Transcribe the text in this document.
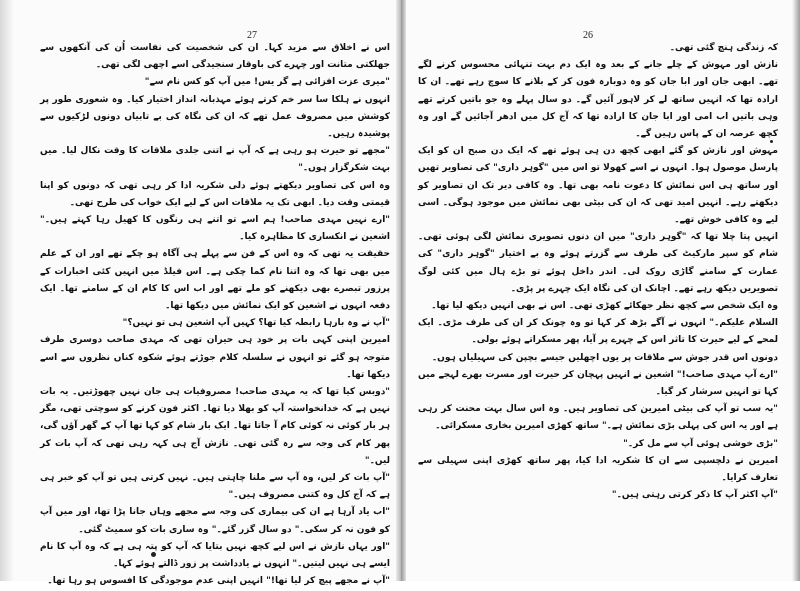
27

اس نے اخلاق سے مزید کہا۔ ان کی شخصیت کی نفاست اُن کی آنکھوں سے جھلکتی متانت اور چہرے کی باوقار سنجیدگی اسے اچھی لگی تھی۔

"میری عزت افزائی ہے گر یس! میں آپ کو کس نام سے"

انہوں نے ہلکا سا سر خم کرتے ہوئے مہذبانہ انداز اختیار کیا۔ وہ شعوری طور پر کوشش میں مصروف عمل تھے کہ ان کی نگاہ کی بے تابیاں دونوں لڑکیوں سے پوشیدہ رہیں۔

"مجھے تو حیرت ہو رہی ہے کہ آپ نے اتنی جلدی ملاقات کا وقت نکال لیا۔ میں بہت شکرگزار ہوں۔"

وہ اس کی تصاویر دیکھتے ہوئے دلی شکریہ ادا کر رہی تھی کہ دونوں کو اپنا قیمتی وقت دیا۔ ابھی تک یہ ملاقات اس کے لیے ایک خواب کی طرح تھی۔

"ارے نہیں مہدی صاحب! ہم اسے تو اتنے ہی رنگوں کا کھیل رہا کہتے ہیں۔" اشعین نے انکساری کا مظاہرہ کیا۔

حقیقت یہ تھی کہ وہ اس کے فن سے پہلے ہی آگاہ ہو چکے تھے اور ان کے علم میں بھی تھا کہ وہ اتنا نام کما چکی ہے۔ اس فیلڈ میں انہیں کئی اخبارات کے پرزور تبصرے بھی دیکھنے کو ملے تھے اور اب اس کا کام ان کے سامنے تھا۔ ایک دفعہ انہوں نے اشعین کو ایک نمائش میں دیکھا تھا۔

"آپ نے وہ بارہا رابطہ کیا تھا؟ کہیں آپ اشعین ہی تو نہیں؟"

امیرین اپنی کہی بات پر خود ہی حیران تھی کہ مہدی صاحب دوسری طرف متوجہ ہو گئے تو انہوں نے سلسلہ کلام جوڑتے ہوئے شکوہ کناں نظروں سے اسے دیکھا تھا۔

"دوبس کیا تھا کہ یہ مہدی صاحب! مصروفیات ہی جان نہیں چھوڑتیں۔ یہ بات نہیں ہے کہ خدانخواستہ آپ کو بھلا دیا تھا۔ اکثر فون کرنے کو سوچتی تھی، مگر ہر بار کوئی نہ کوئی کام آ جاتا تھا۔ ایک بار شام کو کہا تھا آپ کے گھر آؤں گی، پھر کام کی وجہ سے رہ گئی تھی۔ نازش آج ہی کہہ رہی تھی کہ آپ بات کر لیں۔"

"آپ بات کر لیں، وہ آپ سے ملنا چاہتی ہیں۔ نہیں کرتی ہیں تو آپ کو خبر ہی ہے کہ آج کل وہ کتنی مصروف ہیں۔"

"اب یاد آرہا ہے ان کی بیماری کی وجہ سے مجھے وہاں جانا پڑا تھا، اور میں آپ کو فون نہ کر سکی۔" دو سال گزر گئے۔" وہ ساری بات کو سمیٹ گئی۔

"اور یہاں نازش نے اس لیے کچھ نہیں بتایا کہ آپ کو پتہ ہی ہے کہ وہ آپ کا نام ایسے ہی نہیں لیتیں۔" انہوں نے یادداشت پر زور ڈالتے ہوئے کہا۔

"آپ نے مجھے پیچ کر لیا تھا!" انہیں اپنی عدم موجودگی کا افسوس ہو رہا تھا۔

26

کہ زندگی ہنچ گئی تھی۔

نازش اور مہوش کے چلے جانے کے بعد وہ ایک دم بہت تنہائی محسوس کرنے لگے تھے۔ ابھی جان اور ابا جان کو وہ دوبارہ فون کر کے بلانے کا سوچ رہے تھے۔ ان کا ارادہ تھا کہ انہیں ساتھ لے کر لاہور آئیں گے۔ دو سال پہلے وہ جو باتیں کرتے تھے وہی باتیں اب امی اور ابا جان کا ارادہ تھا کہ آج کل میں ادھر آجائیں گے اور وہ کچھ عرصہ ان کے پاس رہیں گے۔

مہوش اور نازش کو گئے ابھی کچھ دن ہی ہوئے تھے کہ ایک دن صبح ان کو ایک پارسل موصول ہوا۔ انہوں نے اسے کھولا تو اس میں "گوہر داری" کی تصاویر تھیں اور ساتھ ہی اس نمائش کا دعوت نامہ بھی تھا۔ وہ کافی دیر تک ان تصاویر کو دیکھتے رہے۔ انہیں امید تھی کہ ان کی بیٹی بھی نمائش میں موجود ہوگی۔ اسی لیے وہ کافی خوش تھے۔

انہیں پتا چلا تھا کہ "گوہر داری" میں ان دنوں تصویری نمائش لگی ہوئی تھی۔ شام کو سپر مارکیٹ کی طرف سے گزرتے ہوئے وہ بے اختیار "گوہر داری" کی عمارت کے سامنے گاڑی روک لی۔ اندر داخل ہوئے تو بڑے ہال میں کئی لوگ تصویریں دیکھ رہے تھے۔ اچانک ان کی نگاہ ایک چہرے پر پڑی۔

وہ ایک شخص سے کچھ نظر جھکائے کھڑی تھی۔ اس نے بھی انہیں دیکھ لیا تھا۔

السلام علیکم۔" انہوں نے آگے بڑھ کر کہا تو وہ چونک کر ان کی طرف مڑی۔ ایک لمحے کے لیے حیرت کا تاثر اس کے چہرے پر آیا، پھر مسکراتے ہوئے بولی۔

دونوں اس قدر جوش سے ملاقات پر یوں اچھلیں جیسے بچپن کی سہیلیاں ہوں۔

"ارے آپ مہدی صاحب!" اشعین نے انہیں پہچان کر حیرت اور مسرت بھرے لہجے میں کہا تو انہیں سرشار کر گیا۔

"یہ سب تو آپ کی بیٹی امیرین کی تصاویر ہیں۔ وہ اس سال بہت محنت کر رہی ہے اور یہ اس کی پہلی بڑی نمائش ہے۔" ساتھ کھڑی امیرین بخاری مسکرائی۔

"بڑی خوشی ہوئی آپ سے مل کر۔"

امیرین نے دلچسپی سے ان کا شکریہ ادا کیا، پھر ساتھ کھڑی اپنی سہیلی سے تعارف کرایا۔

"آپ اکثر آپ کا ذکر کرتی رہتی ہیں۔"
